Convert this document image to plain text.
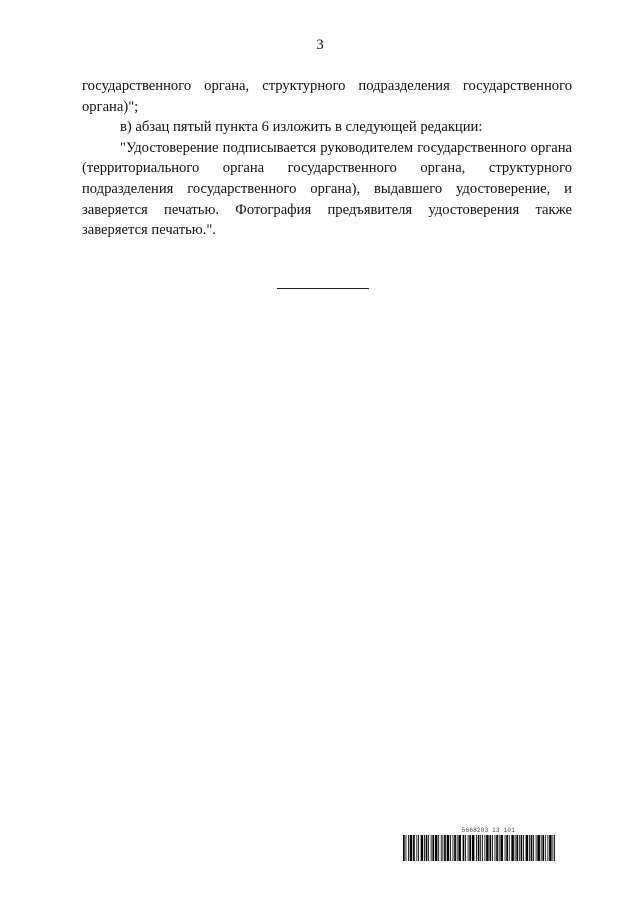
3

государственного органа, структурного подразделения государственного органа)";

в) абзац пятый пункта 6 изложить в следующей редакции:

"Удостоверение подписывается руководителем государственного органа (территориального органа государственного органа, структурного подразделения государственного органа), выдавшего удостоверение, и заверяется печатью. Фотография предъявителя удостоверения также заверяется печатью.".

5668203 13 101
